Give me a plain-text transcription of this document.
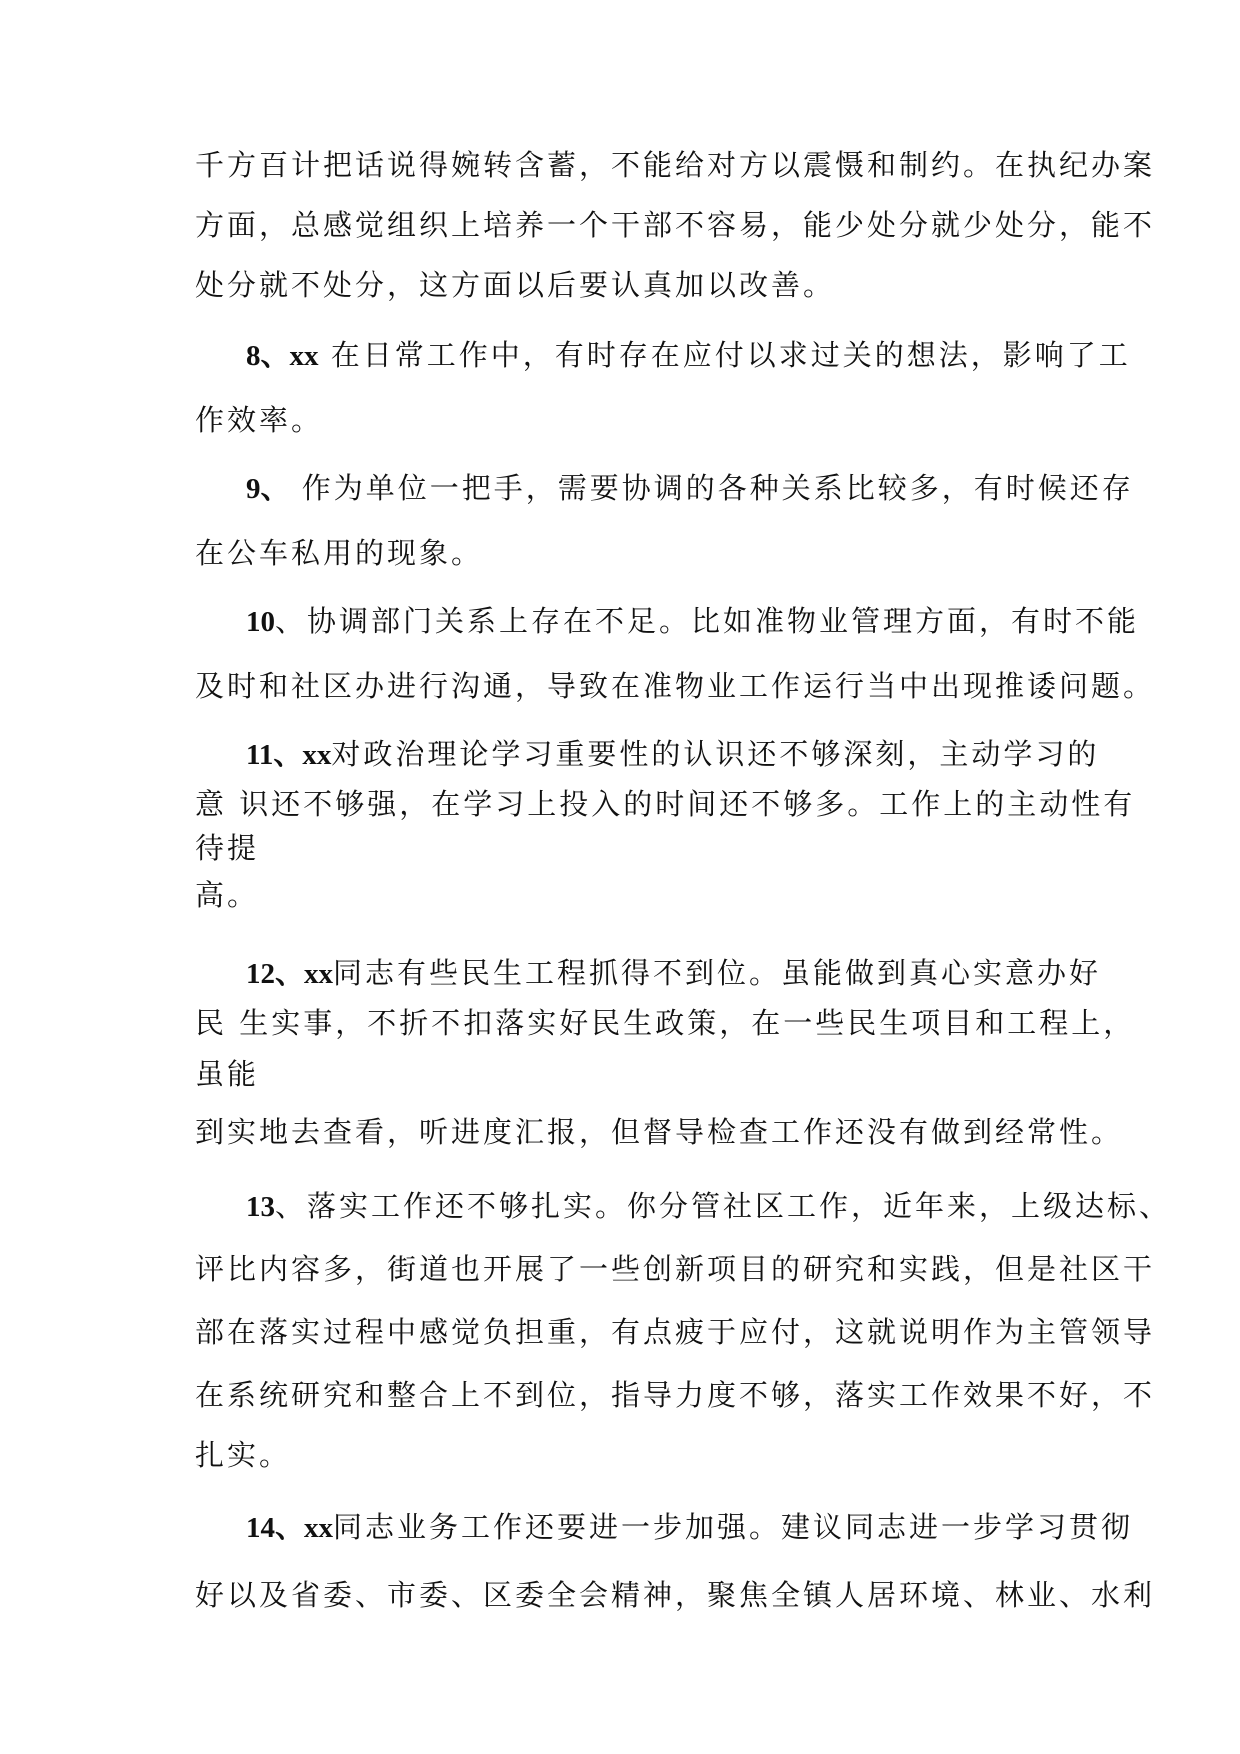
千方百计把话说得婉转含蓄，不能给对方以震慑和制约。在执纪办案
方面，总感觉组织上培养一个干部不容易，能少处分就少处分，能不
处分就不处分，这方面以后要认真加以改善。
8、xx 在日常工作中，有时存在应付以求过关的想法，影响了工
作效率。
9、 作为单位一把手，需要协调的各种关系比较多，有时候还存
在公车私用的现象。
10、协调部门关系上存在不足。比如准物业管理方面，有时不能
及时和社区办进行沟通，导致在准物业工作运行当中出现推诿问题。
11、xx对政治理论学习重要性的认识还不够深刻，主动学习的
意 识还不够强，在学习上投入的时间还不够多。工作上的主动性有
待提
高。
12、xx同志有些民生工程抓得不到位。虽能做到真心实意办好
民 生实事，不折不扣落实好民生政策，在一些民生项目和工程上，
虽能
到实地去查看，听进度汇报，但督导检查工作还没有做到经常性。
13、落实工作还不够扎实。你分管社区工作，近年来，上级达标、
评比内容多，街道也开展了一些创新项目的研究和实践，但是社区干
部在落实过程中感觉负担重，有点疲于应付，这就说明作为主管领导
在系统研究和整合上不到位，指导力度不够，落实工作效果不好，不
扎实。
14、xx同志业务工作还要进一步加强。建议同志进一步学习贯彻
好以及省委、市委、区委全会精神，聚焦全镇人居环境、林业、水利
